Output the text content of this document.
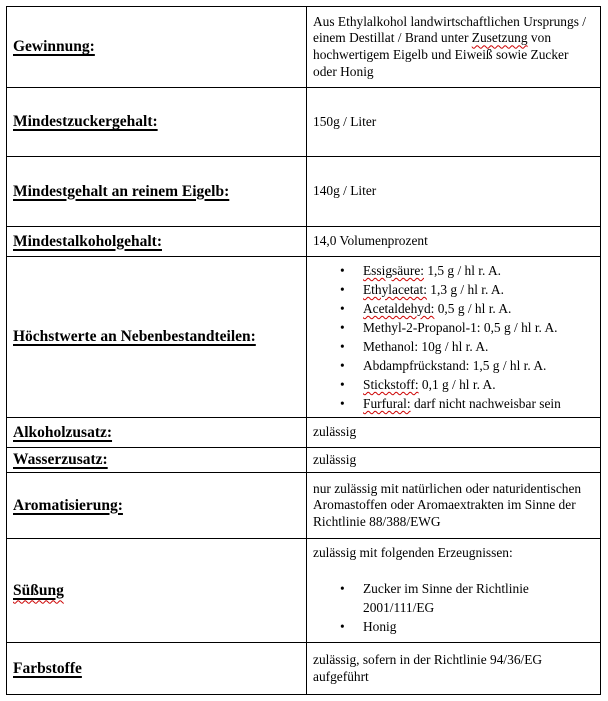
Gewinnung:	Aus Ethylalkohol landwirtschaftlichen Ursprungs / einem Destillat / Brand unter Zusetzung von hochwertigem Eigelb und Eiweiß sowie Zucker oder Honig

Mindestzuckergehalt:	150g / Liter

Mindestgehalt an reinem Eigelb:	140g / Liter

Mindestalkoholgehalt:	14,0 Volumenprozent

Höchstwerte an Nebenbestandteilen:	
• Essigsäure: 1,5 g / hl r. A.
• Ethylacetat: 1,3 g / hl r. A.
• Acetaldehyd: 0,5 g / hl r. A.
• Methyl-2-Propanol-1: 0,5 g / hl r. A.
• Methanol: 10g / hl r. A.
• Abdampfrückstand: 1,5 g / hl r. A.
• Stickstoff: 0,1 g / hl r. A.
• Furfural: darf nicht nachweisbar sein

Alkoholzusatz:	zulässig

Wasserzusatz:	zulässig

Aromatisierung:	nur zulässig mit natürlichen oder naturidentischen Aromastoffen oder Aromaextrakten im Sinne der Richtlinie 88/388/EWG

Süßung	zulässig mit folgenden Erzeugnissen:
• Zucker im Sinne der Richtlinie 2001/111/EG
• Honig

Farbstoffe	zulässig, sofern in der Richtlinie 94/36/EG aufgeführt
